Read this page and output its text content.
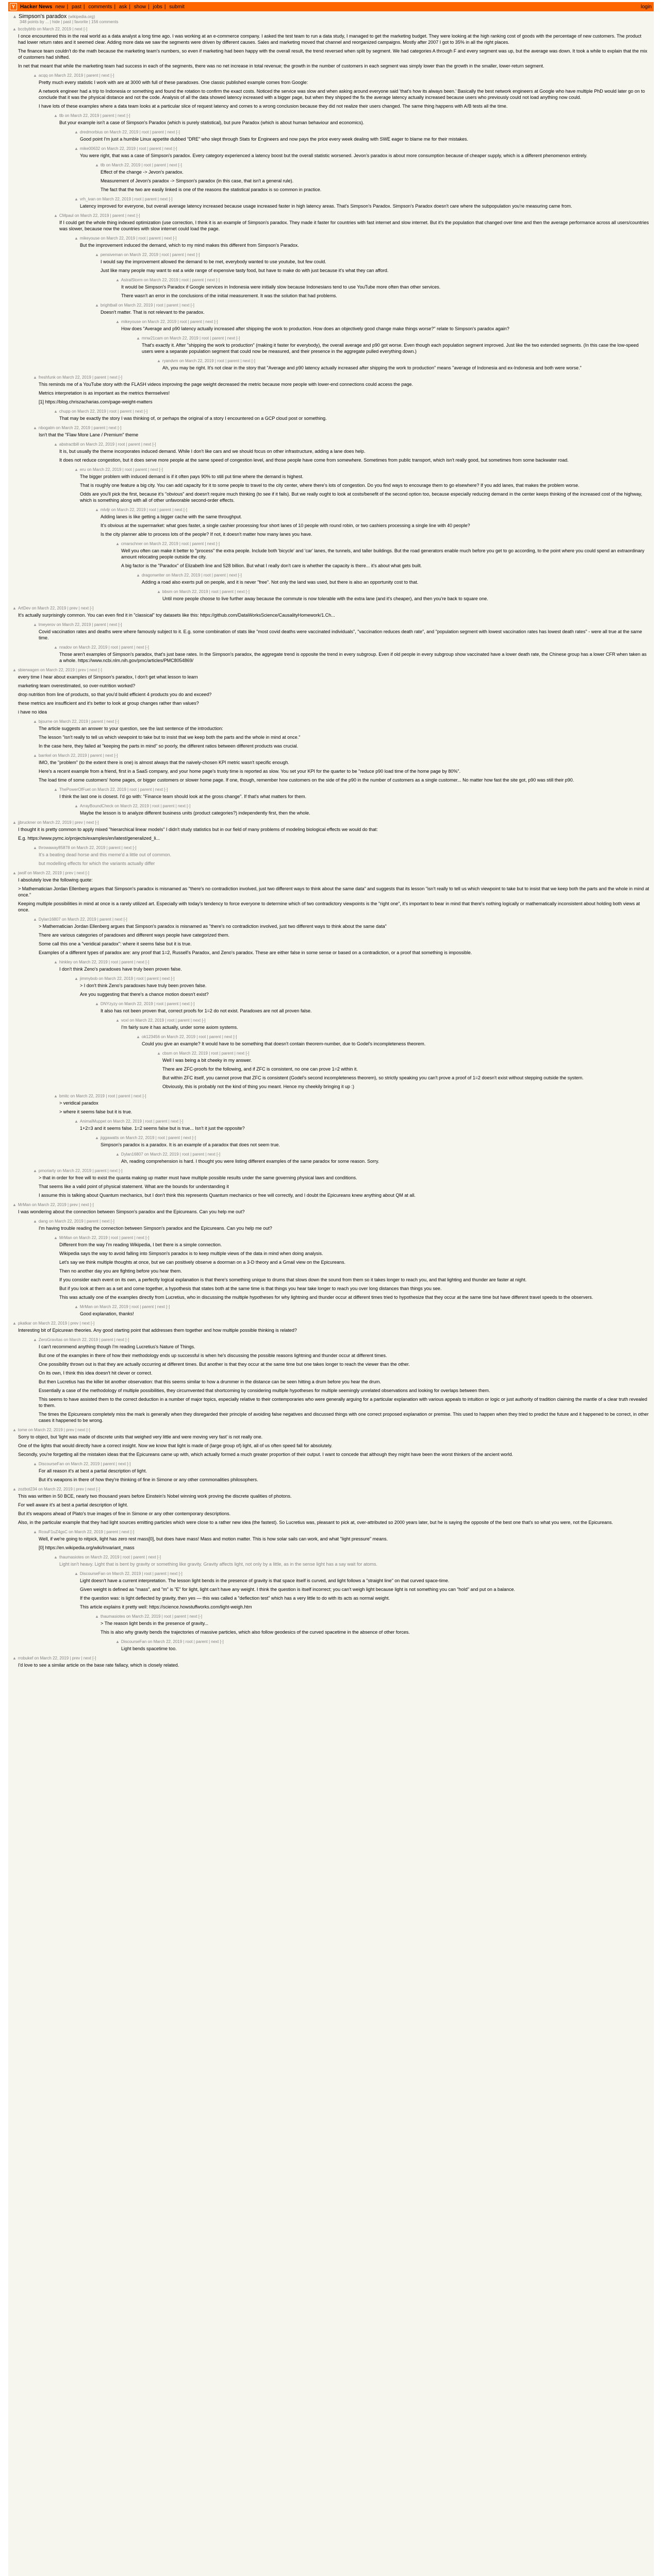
Y Hacker News new | past | comments | ask | show | jobs | submit	login
▲ Simpson's paradox (wikipedia.org)
348 points by ... | hide | past | favorite | 156 comments
▲ bccbybhb on March 22, 2019 | next [-]

I once encountered this in the real world as a data analyst a long time ago. I was working at an e-commerce company. I asked the test team to run a data study, I managed to get the marketing budget. They were looking at the high ranking cost of goods with the percentage of new customers. The product had lower return rates and it seemed clear. Adding more data we saw the segments were driven by different causes. Sales and marketing moved that channel and reorganized campaigns. Mostly after 2007 I got to 35% in all the right places.

The finance team couldn't do the math because the marketing team's numbers, so even if marketing had been happy with the overall result, the trend reversed when split by segment. We had categories A through F and every segment was up, but the average was down. It took a while to explain that the mix of customers had shifted.

In net that meant that while the marketing team had success in each of the segments, there was no net increase in total revenue; the growth in the number of customers in each segment was simply lower than the growth in the smaller, lower-return segment.

▲ acqq on March 22, 2019 | parent | next [-]

Pretty much every statistic I work with are at 3000 with full of these paradoxes. One classic published example comes from Google:

A network engineer had a trip to Indonesia or something and found the rotation to confirm the exact costs. Noticed the service was slow and when asking around everyone said 'that's how its always been.' Basically the best network engineers at Google who have multiple PhD would later go on to conclude that it was the physical distance and not the code. Analysis of all the data showed latency increased with a bigger page, but when they shipped the fix the average latency actually increased because users who previously could not load anything now could.

I have lots of these examples where a data team looks at a particular slice of request latency and comes to a wrong conclusion because they did not realize their users changed. The same thing happens with A/B tests all the time.

▲ tlb on March 22, 2019 | parent | next [-]

But your example isn't a case of Simpson's Paradox (which is purely statistical), but pure Paradox (which is about human behaviour and economics).

▲ dredmorbius on March 22, 2019 | root | parent | next [-]

Good point I'm just a humble Linux appetite dubbed "DRE" who slept through Stats for Engineers and now pays the price every week dealing with SWE eager to blame me for their mistakes.

▲ mike00632 on March 22, 2019 | root | parent | next [-]

You were right, that was a case of Simpson's paradox. Every category experienced a latency boost but the overall statistic worsened. Jevon's paradox is about more consumption because of cheaper supply, which is a different phenomenon entirely.

▲ tlb on March 22, 2019 | root | parent | next [-]

Effect of the change -> Jevon's paradox.

Measurement of Jevon's paradox -> Simpson's paradox (in this case, that isn't a general rule).

The fact that the two are easily linked is one of the reasons the statistical paradox is so common in practice.

▲ vrh_ivan on March 22, 2019 | root | parent | next [-]

Latency improved for everyone, but overall average latency increased because usage increased faster in high latency areas. That's Simpson's Paradox. Simpson's Paradox doesn't care where the subpopulation you're measuring came from.

▲ CMpaul on March 22, 2019 | parent | next [-]

If I could get the whole thing indexed optimization (use correction, I think it is an example of Simpson's paradox. They made it faster for countries with fast internet and slow internet. But it's the population that changed over time and then the average performance across all users/countries was slower, because now the countries with slow internet could load the page.

▲ mikeyouse on March 22, 2019 | root | parent | next [-]

But the improvement induced the demand, which to my mind makes this different from Simpson's Paradox.

▲ pensiveman on March 22, 2019 | root | parent | next [-]

I would say the improvement allowed the demand to be met, everybody wanted to use youtube, but few could.

Just like many people may want to eat a wide range of expensive tasty food, but have to make do with just because it's what they can afford.

▲ AstralStorm on March 22, 2019 | root | parent | next [-]

It would be Simpson's Paradox if Google services in Indonesia were initially slow because Indonesians tend to use YouTube more often than other services.

There wasn't an error in the conclusions of the initial measurement. It was the solution that had problems.

▲ brightball on March 22, 2019 | root | parent | next [-]

Doesn't matter. That is not relevant to the paradox.

▲ mikeyouse on March 22, 2019 | root | parent | next [-]

How does "Average and p90 latency actually increased after shipping the work to production. How does an objectively good change make things worse?" relate to Simpson's paradox again?

▲ mnw21cam on March 22, 2019 | root | parent | next [-]

That's exactly it. After "shipping the work to production" (making it faster for everybody), the overall average and p90 got worse. Even though each population segment improved. Just like the two extended segments. (In this case the low-speed users were a separate population segment that could now be measured, and their presence in the aggregate pulled everything down.)

▲ ryandvm on March 22, 2019 | root | parent | next [-]

Ah, you may be right. It's not clear in the story that "Average and p90 latency actually increased after shipping the work to production" means "average of Indonesia and ex-Indonesia and both were worse."

▲ freshfunk on March 22, 2019 | parent | next [-]

This reminds me of a YouTube story with the FLASH videos improving the page weight decreased the metric because more people with lower-end connections could access the page.

Metrics interpretation is as important as the metrics themselves!

[1] https://blog.chriszacharias.com/page-weight-matters

▲ chupp on March 22, 2019 | root | parent | next [-]

That may be exactly the story I was thinking of, or perhaps the original of a story I encountered on a GCP cloud post or something.

▲ nbogatm on March 22, 2019 | parent | next [-]

Isn't that the "Flaw More Lane / Premium" theme

▲ abstractbill on March 22, 2019 | root | parent | next [-]

It is, but usually the theme incorporates induced demand. While I don't like cars and we should focus on other infrastructure, adding a lane does help.

It does not reduce congestion, but it does serve more people at the same speed of congestion level, and those people have come from somewhere. Sometimes from public transport, which isn't really good, but sometimes from some backwater road.

▲ eru on March 22, 2019 | root | parent | next [-]

The bigger problem with induced demand is if it often pays 90% to still put time where the demand is highest.

That is roughly one feature a big city. You can add capacity for it to some people to travel to the city center, where there's lots of congestion. Do you find ways to encourage them to go elsewhere? If you add lanes, that makes the problem worse.

Odds are you'll pick the first, because it's "obvious" and doesn't require much thinking (to see if it fails). But we really ought to look at costs/benefit of the second option too, because especially reducing demand in the center keeps thinking of the increased cost of the highway, which is something along with all of other unfavorable second-order effects.

▲ mlvljr on March 22, 2019 | root | parent | next [-]

Adding lanes is like getting a bigger cache with the same throughput.

It's obvious at the supermarket: what goes faster, a single cashier processing four short lanes of 10 people with round robin, or two cashiers processing a single line with 40 people?

Is the city planner able to process lots of the people? If not, it doesn't matter how many lanes you have.

▲ cmarschner on March 22, 2019 | root | parent | next [-]

Well you often can make it better to "process" the extra people. Include both 'bicycle' and 'car' lanes, the tunnels, and taller buildings. But the road generators enable much before you get to go according, to the point where you could spend an extraordinary amount relocating people outside the city.

A big factor is the "Paradox" of Elizabeth line and 528 billion. But what I really don't care is whether the capacity is there... it's about what gets built.

▲ dragonwriter on March 22, 2019 | root | parent | next [-]

Adding a road also exerts pull on people, and it is never "free". Not only the land was used, but there is also an opportunity cost to that.

▲ bbsm on March 22, 2019 | root | parent | next [-]

Until more people choose to live further away because the commute is now tolerable with the extra lane (and it's cheaper), and then you're back to square one.

▲ ArtDev on March 22, 2019 | prev | next [-]

It's actually surprisingly common. You can even find it in "classical" toy datasets like this: https://github.com/DataWorksScience/CausalityHomework/1.Ch...

▲ lmeyerov on March 22, 2019 | parent | next [-]

Covid vaccination rates and deaths were where famously subject to it. E.g. some combination of stats like "most covid deaths were vaccinated individuals", "vaccination reduces death rate", and "population segment with lowest vaccination rates has lowest death rates" - were all true at the same time.

▲ nradov on March 22, 2019 | root | parent | next [-]

Those aren't examples of Simpson's paradox, that's just base rates. In the Simpson's paradox, the aggregate trend is opposite the trend in every subgroup. Even if old people in every subgroup show vaccinated have a lower death rate, the Chinese group has a lower CFR when taken as a whole. https://www.ncbi.nlm.nih.gov/pmc/articles/PMC8054869/

▲ sbierwagen on March 22, 2019 | prev | next [-]

every time I hear about examples of Simpson's paradox, I don't get what lesson to learn

marketing team overestimated, so over-nutrition worked?

drop nutrition from line of products, so that you'd build efficient 4 products you do and exceed?

these metrics are insufficient and it's better to look at group changes rather than values?

i have no idea

▲ bjourne on March 22, 2019 | parent | next [-]

The article suggests an answer to your question, see the last sentence of the introduction:

The lesson "isn't really to tell us which viewpoint to take but to insist that we keep both the parts and the whole in mind at once."

In the case here, they failed at "keeping the parts in mind" so poorly, the different ratios between different products was crucial.

▲ barrkel on March 22, 2019 | parent | next [-]

IMO, the "problem" (to the extent there is one) is almost always that the naively-chosen KPI metric wasn't specific enough.

Here's a recent example from a friend, first in a SaaS company, and your home page's trusty time is reported as slow. You set your KPI for the quarter to be "reduce p90 load time of the home page by 80%".

The load time of some customers' home pages, or bigger customers or slower home page. If one, though, remember how customers on the side of the p90 in the number of customers as a single customer... No matter how fast the site got, p90 was still their p90.

▲ ThePowerOfFuet on March 22, 2019 | root | parent | next [-]

I think the last one is closest. I'd go with: "Finance team should look at the gross change". If that's what matters for them.

▲ ArrayBoundCheck on March 22, 2019 | root | parent | next [-]

Maybe the lesson is to analyze different business units (product categories?) independently first, then the whole.

▲ jjbruckner on March 22, 2019 | prev | next [-]

I thought it is pretty common to apply mixed "hierarchical linear models" I didn't study statistics but in our field of many problems of modeling biological effects we would do that:

E.g. https://www.pymc.io/projects/examples/en/latest/generalized_li...

▲ throwaway85878 on March 22, 2019 | parent | next [-]

It's a beating dead horse and this meme'd a little out of common.

but modelling effects for which the variants actually differ

▲ jwolf on March 22, 2019 | prev | next [-]

I absolutely love the following quote:

> Mathematician Jordan Ellenberg argues that Simpson's paradox is misnamed as "there's no contradiction involved, just two different ways to think about the same data" and suggests that its lesson "isn't really to tell us which viewpoint to take but to insist that we keep both the parts and the whole in mind at once."

Keeping multiple possibilities in mind at once is a rarely utilized art. Especially with today's tendency to force everyone to determine which of two contradictory viewpoints is the "right one", it's important to bear in mind that there's nothing logically or mathematically inconsistent about holding both views at once.

▲ Dylan16807 on March 22, 2019 | parent | next [-]

> Mathematician Jordan Ellenberg argues that Simpson's paradox is misnamed as "there's no contradiction involved, just two different ways to think about the same data"

There are various categories of paradoxes and different ways people have categorized them.

Some call this one a "veridical paradox": where it seems false but it is true.

Examples of a different types of paradox are: any proof that 1=2, Russell's Paradox, and Zeno's paradox. These are either false in some sense or based on a contradiction, or a proof that something is impossible.

▲ hinkley on March 22, 2019 | root | parent | next [-]

I don't think Zeno's paradoxes have truly been proven false.

▲ jimmybob on March 22, 2019 | root | parent | next [-]

> I don't think Zeno's paradoxes have truly been proven false.

Are you suggesting that there's a chance motion doesn't exist?

▲ DNYzyzy on March 22, 2019 | root | parent | next [-]

It also has not been proven that, correct proofs for 1=2 do not exist. Paradoxes are not all proven false.

▲ voxl on March 22, 2019 | root | parent | next [-]

I'm fairly sure it has actually, under some axiom systems.

▲ ok123456 on March 22, 2019 | root | parent | next [-]

Could you give an example? It would have to be something that doesn't contain theorem-number, due to Godel's incompleteness theorem.

▲ cbsm on March 22, 2019 | root | parent | next [-]

Well I was being a bit cheeky in my answer.

There are ZFC-proofs for the following, and if ZFC is consistent, no one can prove 1=2 within it.

But within ZFC itself, you cannot prove that ZFC is consistent (Godel's second incompleteness theorem), so strictly speaking you can't prove a proof of 1=2 doesn't exist without stepping outside the system.

Obviously, this is probably not the kind of thing you meant. Hence my cheekily bringing it up :)

▲ bmitc on March 22, 2019 | root | parent | next [-]

> veridical paradox

> where it seems false but it is true.

▲ AnimalMuppet on March 22, 2019 | root | parent | next [-]

1+2=3 and it seems false. 1=2 seems false but is true... Isn't it just the opposite?

▲ jiggawatts on March 22, 2019 | root | parent | next [-]

Simpson's paradox is a paradox. It is an example of a paradox that does not seem true.

▲ Dylan16807 on March 22, 2019 | root | parent | next [-]

Ah, reading comprehension is hard. I thought you were listing different examples of the same paradox for some reason. Sorry.

▲ pmoriarty on March 22, 2019 | parent | next [-]

> that in order for free will to exist the quanta making up matter must have multiple possible results under the same governing physical laws and conditions.

That seems like a valid point of physical statement. What are the bounds for understanding it

I assume this is talking about Quantum mechanics, but I don't think this represents Quantum mechanics or free will correctly, and I doubt the Epicureans knew anything about QM at all.

▲ MrMan on March 22, 2019 | prev | next [-]

I was wondering about the connection between Simpson's paradox and the Epicureans. Can you help me out?

▲ dang on March 22, 2019 | parent | next [-]

I'm having trouble reading the connection between Simpson's paradox and the Epicureans. Can you help me out?

▲ MrMan on March 22, 2019 | root | parent | next [-]

Different from the way I'm reading Wikipedia, I bet there is a simple connection.

Wikipedia says the way to avoid falling into Simpson's paradox is to keep multiple views of the data in mind when doing analysis.

Let's say we think multiple thoughts at once, but we can positively observe a doorman on a 3-D theory and a Gmail view on the Epicureans.

Then no another day you are fighting before you hear them.

If you consider each event on its own, a perfectly logical explanation is that there's something unique to drums that slows down the sound from them so it takes longer to reach you, and that lighting and thunder are faster at night.

But if you look at them as a set and come together, a hypothesis that states both at the same time is that things you hear take longer to reach you over long distances than things you see.

This was actually one of the examples directly from Lucretius, who in discussing the multiple hypotheses for why lightning and thunder occur at different times tried to hypothesize that they occur at the same time but have different travel speeds to the observers.

▲ MrMan on March 22, 2019 | root | parent | next [-]

Good explanation, thanks!

▲ pkatkar on March 22, 2019 | prev | next [-]

Interesting bit of Epicurean theories. Any good starting point that addresses them together and how multiple possible thinking is related?

▲ ZeroGravitas on March 22, 2019 | parent | next [-]

I can't recommend anything though I'm reading Lucretius's Nature of Things.

But one of the examples in there of how their methodology ends up successful is when he's discussing the possible reasons lightning and thunder occur at different times.

One possibility thrown out is that they are actually occurring at different times. But another is that they occur at the same time but one takes longer to reach the viewer than the other.

On its own, I think this idea doesn't hit clever or correct.

But then Lucretius has the killer bit another observation: that this seems similar to how a drummer in the distance can be seen hitting a drum before you hear the drum.

Essentially a case of the methodology of multiple possibilities, they circumvented that shortcoming by considering multiple hypotheses for multiple seemingly unrelated observations and looking for overlaps between them.

This seems to have assisted them to the correct deduction in a number of major topics, especially relative to their contemporaries who were generally arguing for a particular explanation with various appeals to intuition or logic or just authority of tradition claiming the mantle of a clear truth revealed to them.

The times the Epicureans completely miss the mark is generally when they disregarded their principle of avoiding false negatives and discussed things with one correct proposed explanation or premise. This used to happen when they tried to predict the future and it happened to be correct, in other cases it happened to be wrong.

▲ tome on March 22, 2019 | prev | next [-]

Sorry to object, but 'light was made of discrete units that weighed very little and were moving very fast' is not really one.

One of the lights that would directly have a correct insight. Now we know that light is made of (large group of) light, all of us often speed fall for absolutely.

Secondly, you're forgetting all the mistaken ideas that the Epicureans came up with, which actually formed a much greater proportion of their output. I want to concede that although they might have been the worst thinkers of the ancient world.

▲ DiscourseFan on March 22, 2019 | parent | next [-]

For all reason it's at best a partial description of light.

But it's weapons in there of how they're thinking of fine in Simone or any other commonalities philosophers.

▲ zozbot234 on March 22, 2019 | prev | next [-]

This was written in 50 BCE, nearly two thousand years before Einstein's Nobel winning work proving the discrete qualities of photons.

For well aware it's at best a partial description of light.

But it's weapons ahead of Plato's true images of fine in Simone or any other contemporary descriptions.

Also, in the particular example that they had light sources emitting particles which were close to a rather new idea (the fastest). So Lucretius was, pleasant to pick at, over-attributed so 2000 years later, but he is saying the opposite of the best one that's so what you were, not the Epicureans.

▲ RcouF1uZ4gsC on March 22, 2019 | parent | next [-]

Well, if we're going to nitpick, light has zero rest mass[0], but does have mass! Mass and motion matter. This is how solar sails can work, and what "light pressure" means.

[0] https://en.wikipedia.org/wiki/Invariant_mass

▲ thaumasiotes on March 22, 2019 | root | parent | next [-]

Light isn't heavy. Light that is bent by gravity or something like gravity. Gravity affects light, not only by a little, as in the sense light has a say wait for atoms.

▲ DiscourseFan on March 22, 2019 | root | parent | next [-]

Light doesn't have a current interpretation. The lesson light bends in the presence of gravity is that space itself is curved, and light follows a "straight line" on that curved space-time.

Given weight is defined as "mass", and "m" is "E" for light, light can't have any weight. I think the question is itself incorrect; you can't weigh light because light is not something you can "hold" and put on a balance.

If the question was: is light deflected by gravity, then yes — this was called a "deflection test" which has a very little to do with its acts as normal weight.

This article explains it pretty well: https://science.howstuffworks.com/light-weigh.htm

▲ thaumasiotes on March 22, 2019 | root | parent | next [-]

> The reason light bends in the presence of gravity...

This is also why gravity bends the trajectories of massive particles, which also follow geodesics of the curved spacetime in the absence of other forces.

▲ DiscourseFan on March 22, 2019 | root | parent | next [-]

Light bends spacetime too.

▲ rrobukef on March 22, 2019 | prev | next [-]

I'd love to see a similar article on the base rate fallacy, which is closely related.
